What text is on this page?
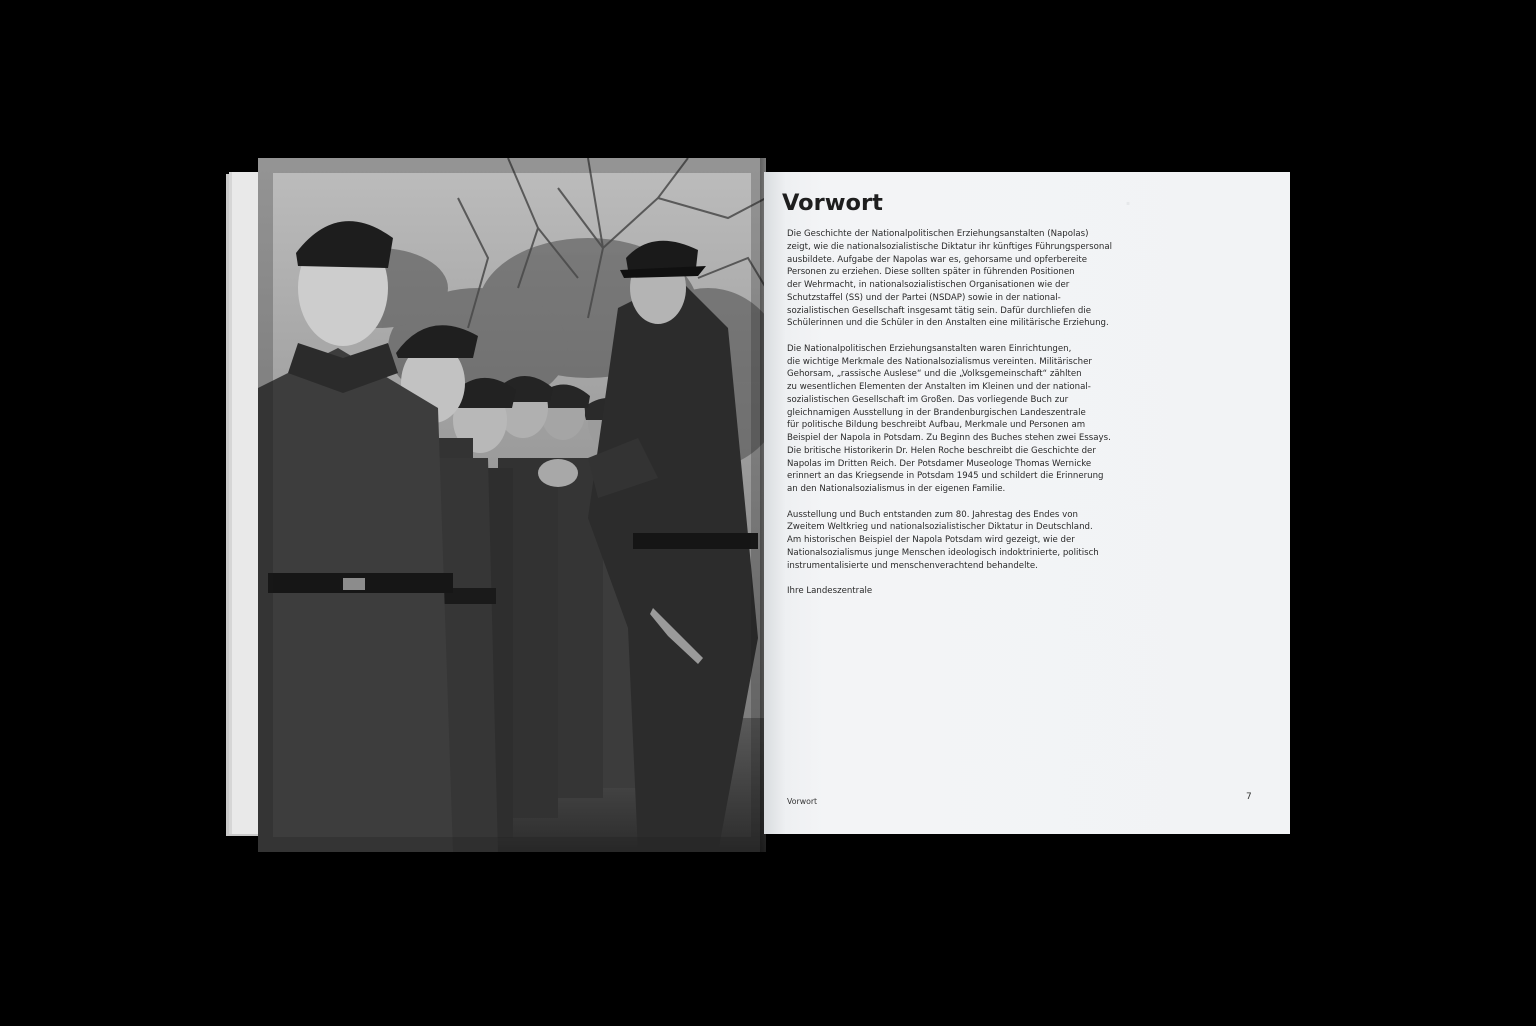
·
Vorwort

Die Geschichte der Nationalpolitischen Erziehungsanstalten (Napolas)
zeigt, wie die nationalsozialistische Diktatur ihr künftiges Führungspersonal
ausbildete. Aufgabe der Napolas war es, gehorsame und opferbereite
Personen zu erziehen. Diese sollten später in führenden Positionen
der Wehrmacht, in nationalsozialistischen Organisationen wie der
Schutzstaffel (SS) und der Partei (NSDAP) sowie in der national-
sozialistischen Gesellschaft insgesamt tätig sein. Dafür durchliefen die
Schülerinnen und die Schüler in den Anstalten eine militärische Erziehung.

Die Nationalpolitischen Erziehungsanstalten waren Einrichtungen,
die wichtige Merkmale des Nationalsozialismus vereinten. Militärischer
Gehorsam, „rassische Auslese“ und die „Volksgemeinschaft“ zählten
zu wesentlichen Elementen der Anstalten im Kleinen und der national-
sozialistischen Gesellschaft im Großen. Das vorliegende Buch zur
gleichnamigen Ausstellung in der Brandenburgischen Landeszentrale
für politische Bildung beschreibt Aufbau, Merkmale und Personen am
Beispiel der Napola in Potsdam. Zu Beginn des Buches stehen zwei Essays.
Die britische Historikerin Dr. Helen Roche beschreibt die Geschichte der
Napolas im Dritten Reich. Der Potsdamer Museologe Thomas Wernicke
erinnert an das Kriegsende in Potsdam 1945 und schildert die Erinnerung
an den Nationalsozialismus in der eigenen Familie.

Ausstellung und Buch entstanden zum 80. Jahrestag des Endes von
Zweitem Weltkrieg und nationalsozialistischer Diktatur in Deutschland.
Am historischen Beispiel der Napola Potsdam wird gezeigt, wie der
Nationalsozialismus junge Menschen ideologisch indoktrinierte, politisch
instrumentalisierte und menschenverachtend behandelte.

Ihre Landeszentrale

Vorwort	7
